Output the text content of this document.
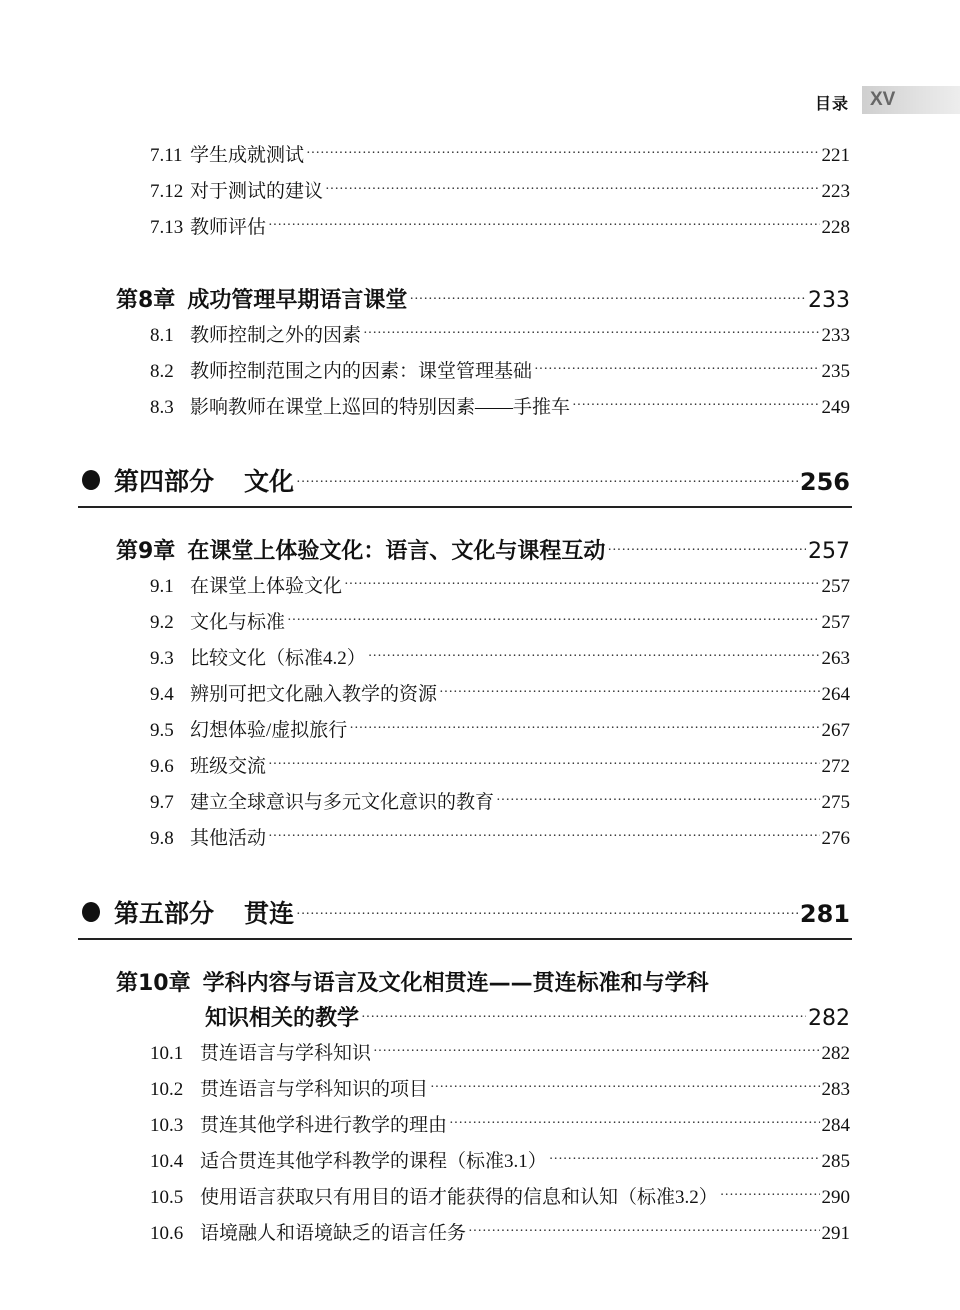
目录 XV
7.11 学生成就测试 ·····	221
7.12 对于测试的建议 ·····	223
7.13 教师评估 ·····	228
第8章 成功管理早期语言课堂 ·····	233
8.1 教师控制之外的因素 ·····	233
8.2 教师控制范围之内的因素：课堂管理基础 ·····	235
8.3 影响教师在课堂上巡回的特别因素——手推车 ·····	249
第四部分 文化 ·····	256
第9章 在课堂上体验文化：语言、文化与课程互动 ·····	257
9.1 在课堂上体验文化 ·····	257
9.2 文化与标准 ·····	257
9.3 比较文化（标准4.2） ·····	263
9.4 辨别可把文化融入教学的资源 ·····	264
9.5 幻想体验/虚拟旅行 ·····	267
9.6 班级交流 ·····	272
9.7 建立全球意识与多元文化意识的教育 ·····	275
9.8 其他活动 ·····	276
第五部分 贯连 ·····	281
第10章 学科内容与语言及文化相贯连——贯连标准和与学科
知识相关的教学 ·····	282
10.1 贯连语言与学科知识 ·····	282
10.2 贯连语言与学科知识的项目 ·····	283
10.3 贯连其他学科进行教学的理由 ·····	284
10.4 适合贯连其他学科教学的课程（标准3.1） ·····	285
10.5 使用语言获取只有用目的语才能获得的信息和认知（标准3.2） ·····	290
10.6 语境融人和语境缺乏的语言任务 ·····	291
